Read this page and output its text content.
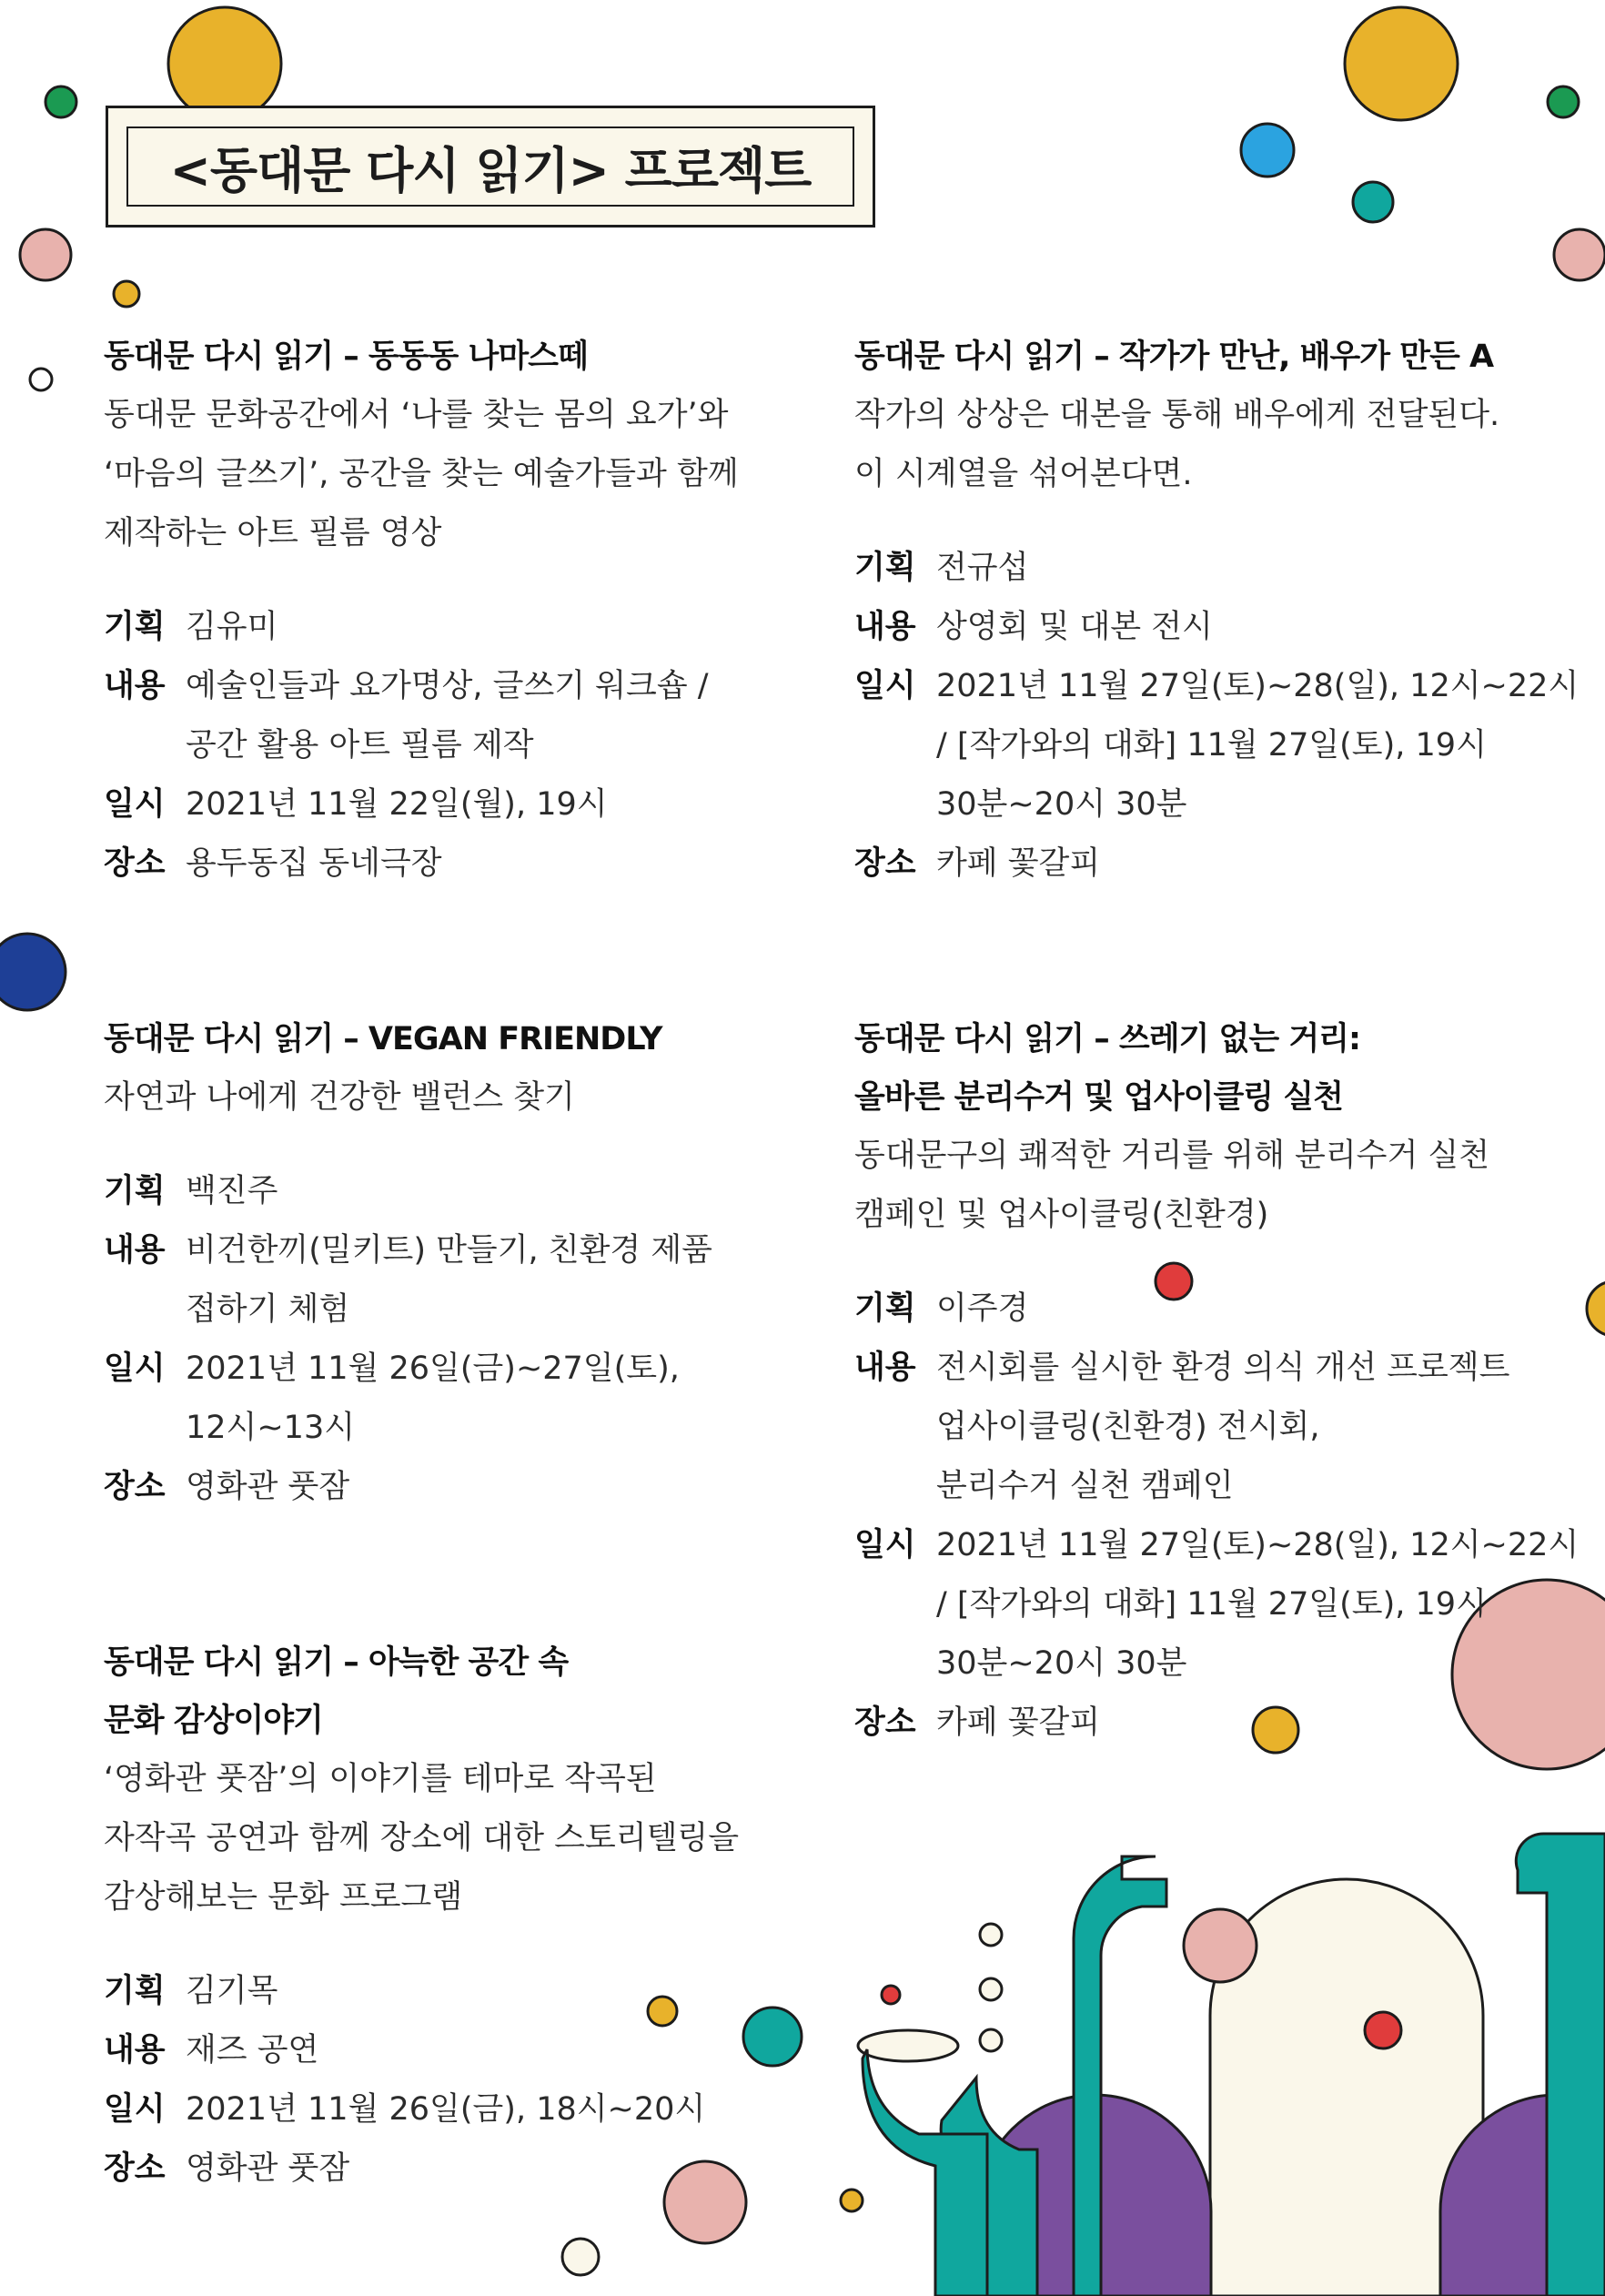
<동대문 다시 읽기> 프로젝트
동대문 다시 읽기 – 동동동 나마스떼
동대문 문화공간에서 ‘나를 찾는 몸의 요가’와
‘마음의 글쓰기’, 공간을 찾는 예술가들과 함께
제작하는 아트 필름 영상
기획 김유미
내용 예술인들과 요가명상, 글쓰기 워크숍 /
공간 활용 아트 필름 제작
일시 2021년 11월 22일(월), 19시
장소 용두동집 동네극장
동대문 다시 읽기 – 작가가 만난, 배우가 만든 A
작가의 상상은 대본을 통해 배우에게 전달된다.
이 시계열을 섞어본다면.
기획 전규섭
내용 상영회 및 대본 전시
일시 2021년 11월 27일(토)~28(일), 12시~22시
/ [작가와의 대화] 11월 27일(토), 19시
30분~20시 30분
장소 카페 꽃갈피
동대문 다시 읽기 – VEGAN FRIENDLY
자연과 나에게 건강한 밸런스 찾기
기획 백진주
내용 비건한끼(밀키트) 만들기, 친환경 제품
접하기 체험
일시 2021년 11월 26일(금)~27일(토),
12시~13시
장소 영화관 풋잠
동대문 다시 읽기 – 쓰레기 없는 거리:
올바른 분리수거 및 업사이클링 실천
동대문구의 쾌적한 거리를 위해 분리수거 실천
캠페인 및 업사이클링(친환경)
기획 이주경
내용 전시회를 실시한 환경 의식 개선 프로젝트
업사이클링(친환경) 전시회,
분리수거 실천 캠페인
일시 2021년 11월 27일(토)~28(일), 12시~22시
/ [작가와의 대화] 11월 27일(토), 19시
30분~20시 30분
장소 카페 꽃갈피
동대문 다시 읽기 – 아늑한 공간 속
문화 감상이야기
‘영화관 풋잠’의 이야기를 테마로 작곡된
자작곡 공연과 함께 장소에 대한 스토리텔링을
감상해보는 문화 프로그램
기획 김기목
내용 재즈 공연
일시 2021년 11월 26일(금), 18시~20시
장소 영화관 풋잠
